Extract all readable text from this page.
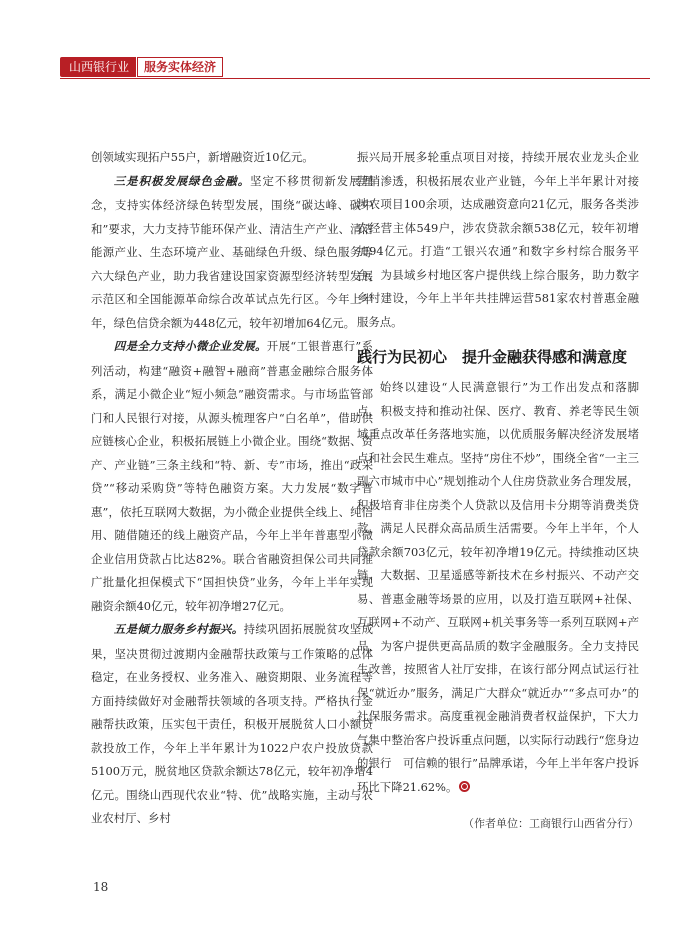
山西银行业	服务实体经济

创领域实现拓户55户，新增融资近10亿元。

三是积极发展绿色金融。坚定不移贯彻新发展理念，支持实体经济绿色转型发展，围绕“碳达峰、碳中和”要求，大力支持节能环保产业、清洁生产产业、清洁能源产业、生态环境产业、基础绿色升级、绿色服务等六大绿色产业，助力我省建设国家资源型经济转型发展示范区和全国能源革命综合改革试点先行区。今年上半年，绿色信贷余额为448亿元，较年初增加64亿元。

四是全力支持小微企业发展。开展“工银普惠行”系列活动，构建“融资+融智+融商”普惠金融综合服务体系，满足小微企业“短小频急”融资需求。与市场监管部门和人民银行对接，从源头梳理客户“白名单”，借助供应链核心企业，积极拓展链上小微企业。围绕“数据、资产、产业链”三条主线和“特、新、专”市场，推出“政采贷”“移动采购贷”等特色融资方案。大力发展“数字普惠”，依托互联网大数据，为小微企业提供全线上、纯信用、随借随还的线上融资产品，今年上半年普惠型小微企业信用贷款占比达82%。联合省融资担保公司共同推广批量化担保模式下“国担快贷”业务，今年上半年实现融资余额40亿元，较年初净增27亿元。

五是倾力服务乡村振兴。持续巩固拓展脱贫攻坚成果，坚决贯彻过渡期内金融帮扶政策与工作策略的总体稳定，在业务授权、业务准入、融资期限、业务流程等方面持续做好对金融帮扶领域的各项支持。严格执行金融帮扶政策，压实包干责任，积极开展脱贫人口小额贷款投放工作，今年上半年累计为1022户农户投放贷款5100万元，脱贫地区贷款余额达78亿元，较年初净增4亿元。围绕山西现代农业“特、优”战略实施，主动与农业农村厅、乡村

振兴局开展多轮重点项目对接，持续开展农业龙头企业营销渗透，积极拓展农业产业链，今年上半年累计对接涉农项目100余项，达成融资意向21亿元，服务各类涉农经营主体549户，涉农贷款余额538亿元，较年初增加94亿元。打造“工银兴农通”和数字乡村综合服务平台，为县域乡村地区客户提供线上综合服务，助力数字乡村建设，今年上半年共挂牌运营581家农村普惠金融服务点。

践行为民初心　提升金融获得感和满意度

始终以建设“人民满意银行”为工作出发点和落脚点，积极支持和推动社保、医疗、教育、养老等民生领域重点改革任务落地实施，以优质服务解决经济发展堵点和社会民生难点。坚持“房住不炒”，围绕全省“一主三副六市城市中心”规划推动个人住房贷款业务合理发展，积极培育非住房类个人贷款以及信用卡分期等消费类贷款，满足人民群众高品质生活需要。今年上半年，个人贷款余额703亿元，较年初净增19亿元。持续推动区块链、大数据、卫星遥感等新技术在乡村振兴、不动产交易、普惠金融等场景的应用，以及打造互联网+社保、互联网+不动产、互联网+机关事务等一系列互联网+产品，为客户提供更高品质的数字金融服务。全力支持民生改善，按照省人社厅安排，在该行部分网点试运行社保“就近办”服务，满足广大群众“就近办”“多点可办”的社保服务需求。高度重视金融消费者权益保护，下大力气集中整治客户投诉重点问题，以实际行动践行“您身边的银行　可信赖的银行”品牌承诺，今年上半年客户投诉环比下降21.62%。

（作者单位：工商银行山西省分行）
18
